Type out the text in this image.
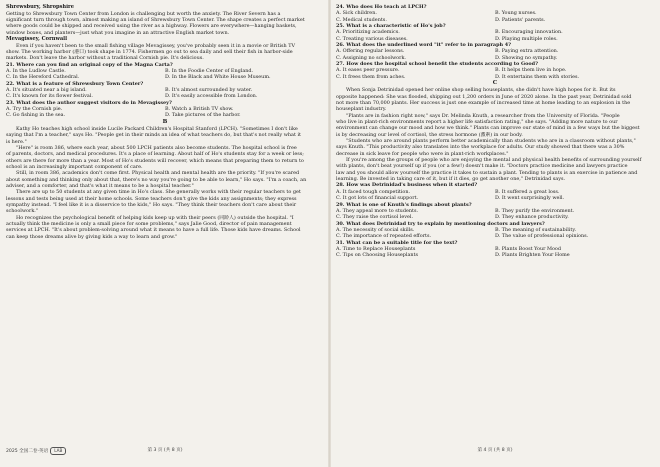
Shrewsbury, Shropshire
Getting to Shrewsbury Town Center from London is challenging but worth the anxiety. The River Severn has a
significant turn through town, almost making an island of Shrewsbury Town Center. The shape creates a perfect market
where goods could be shipped and received using the river as a highway. Flowers are everywhere—hanging baskets,
window boxes, and planters—just what you imagine in an attractive English market town.
Mevagissey, Cornwall
Even if you haven't been to the small fishing village Mevagissey, you've probably seen it in a movie or British TV
show. The working harbor (港口) took shape in 1774. Fishermen go out to sea daily and sell their fish in harbor-side
markets. Don't leave the harbor without a traditional Cornish pie. It's delicious.
21. Where can you find an original copy of the Magna Carta?
A. In the Ludlow Castle.	B. In the Foodie Center of England.
C. In the Hereford Cathedral.	D. In the Black and White House Museum.
22. What is a feature of Shrewsbury Town Center?
A. It's situated near a big island.	B. It's almost surrounded by water.
C. It's known for its flower festival.	D. It's easily accessible from London.
23. What does the author suggest visitors do in Mevagissey?
A. Try the Cornish pie.	B. Watch a British TV show.
C. Go fishing in the sea.	D. Take pictures of the harbor.
B
Kathy Ho teaches high school inside Lucile Packard Children's Hospital Stanford (LPCH). "Sometimes I don't like
saying that I'm a teacher," says Ho. "People get in their minds an idea of what teachers do, but that's not really what it
is here."
"Here" is room 386, where each year, about 500 LPCH patients also become students. The hospital school is free
of parents, doctors, and medical procedures. It's a place of learning. About half of Ho's students stay for a week or less;
others are there for more than a year. Most of Ho's students will recover, which means that preparing them to return to
school is an increasingly important component of care.
Still, in room 386, academics don't come first. Physical health and mental health are the priority. "If you're scared
about something and thinking only about that, there's no way you're going to be able to learn," Ho says. "I'm a coach, an
adviser, and a comforter, and that's what it means to be a hospital teacher."
There are up to 50 students at any given time in Ho's class. She generally works with their regular teachers to get
lessons and tests being used at their home schools. Some teachers don't give the kids any assignments; they express
sympathy instead. "I feel like it is a disservice to the kids," Ho says. "They think their teachers don't care about their
schoolwork."
Ho recognizes the psychological benefit of helping kids keep up with their peers (同龄人) outside the hospital. "I
actually think the medicine is only a small piece for some problems," says Jalie Good, director of pain management
services at LPCH. "It's about problem-solving around what it means to have a full life. Those kids have dreams. School
can keep those dreams alive by giving kids a way to learn and grow."
2025 全国二卷·英语 LAB	第 3 页 (共 8 页)
24. Who does Ho teach at LPCH?
A. Sick children.	B. Young nurses.
C. Medical students.	D. Patients' parents.
25. What is a characteristic of Ho's job?
A. Prioritizing academics.	B. Encouraging innovation.
C. Treating various diseases.	D. Playing multiple roles.
26. What does the underlined word "it" refer to in paragraph 4?
A. Offering regular lessons.	B. Paying extra attention.
C. Assigning no schoolwork.	D. Showing no sympathy.
27. How does the hospital school benefit the students according to Good?
A. It eases peer pressure.	B. It helps them live in hope.
C. It frees them from aches.	D. It entertains them with stories.
C
When Sonja Detrinidad opened her online shop selling houseplants, she didn't have high hopes for it. But its
opposite happened: She was flooded, shipping out 1,200 orders in June of 2020 alone. In the past year, Detrinidad sold
not more than 70,000 plants. Her success is just one example of increased time at home leading to an explosion in the
houseplant industry.
"Plants are in fashion right now," says Dr. Melinda Knuth, a researcher from the University of Florida. "People
who live in plant-rich environments report a higher life satisfaction rating," she says. "Adding more nature to our
environment can change our mood and how we think." Plants can improve our state of mind in a few ways but the biggest
is by decreasing our level of cortisol, the stress hormone (激素) in our body.
"Students who are around plants perform better academically than students who are in a classroom without plants,"
says Knuth. "This productivity also translates into the workplace for adults. Our study showed that there was a 30%
decrease in sick leave for people who were in plant-rich workplaces."
If you're among the groups of people who are enjoying the mental and physical health benefits of surrounding yourself
with plants, don't beat yourself up if you (or a few!) doesn't make it. "Doctors practice medicine and lawyers practice
law and you should allow yourself the practice it takes to sustain a plant. Tending to plants is an exercise in patience and
learning. Be invested in taking care of it, but if it dies, go get another one," Detrinidad says.
28. How was Detrinidad's business when it started?
A. It faced tough competition.	B. It suffered a great loss.
C. It got lots of financial support.	D. It went surprisingly well.
29. What is one of Knuth's findings about plants?
A. They appeal more to students.	B. They purify the environment.
C. They raise the cortisol level.	D. They enhance productivity.
30. What does Detrinidad try to explain by mentioning doctors and lawyers?
A. The necessity of social skills.	B. The meaning of sustainability.
C. The importance of repeated efforts.	D. The value of professional opinions.
31. What can be a suitable title for the text?
A. Time to Replace Houseplants	B. Plants Boost Your Mood
C. Tips on Choosing Houseplants	D. Plants Brighten Your Home
第 4 页 (共 8 页)
